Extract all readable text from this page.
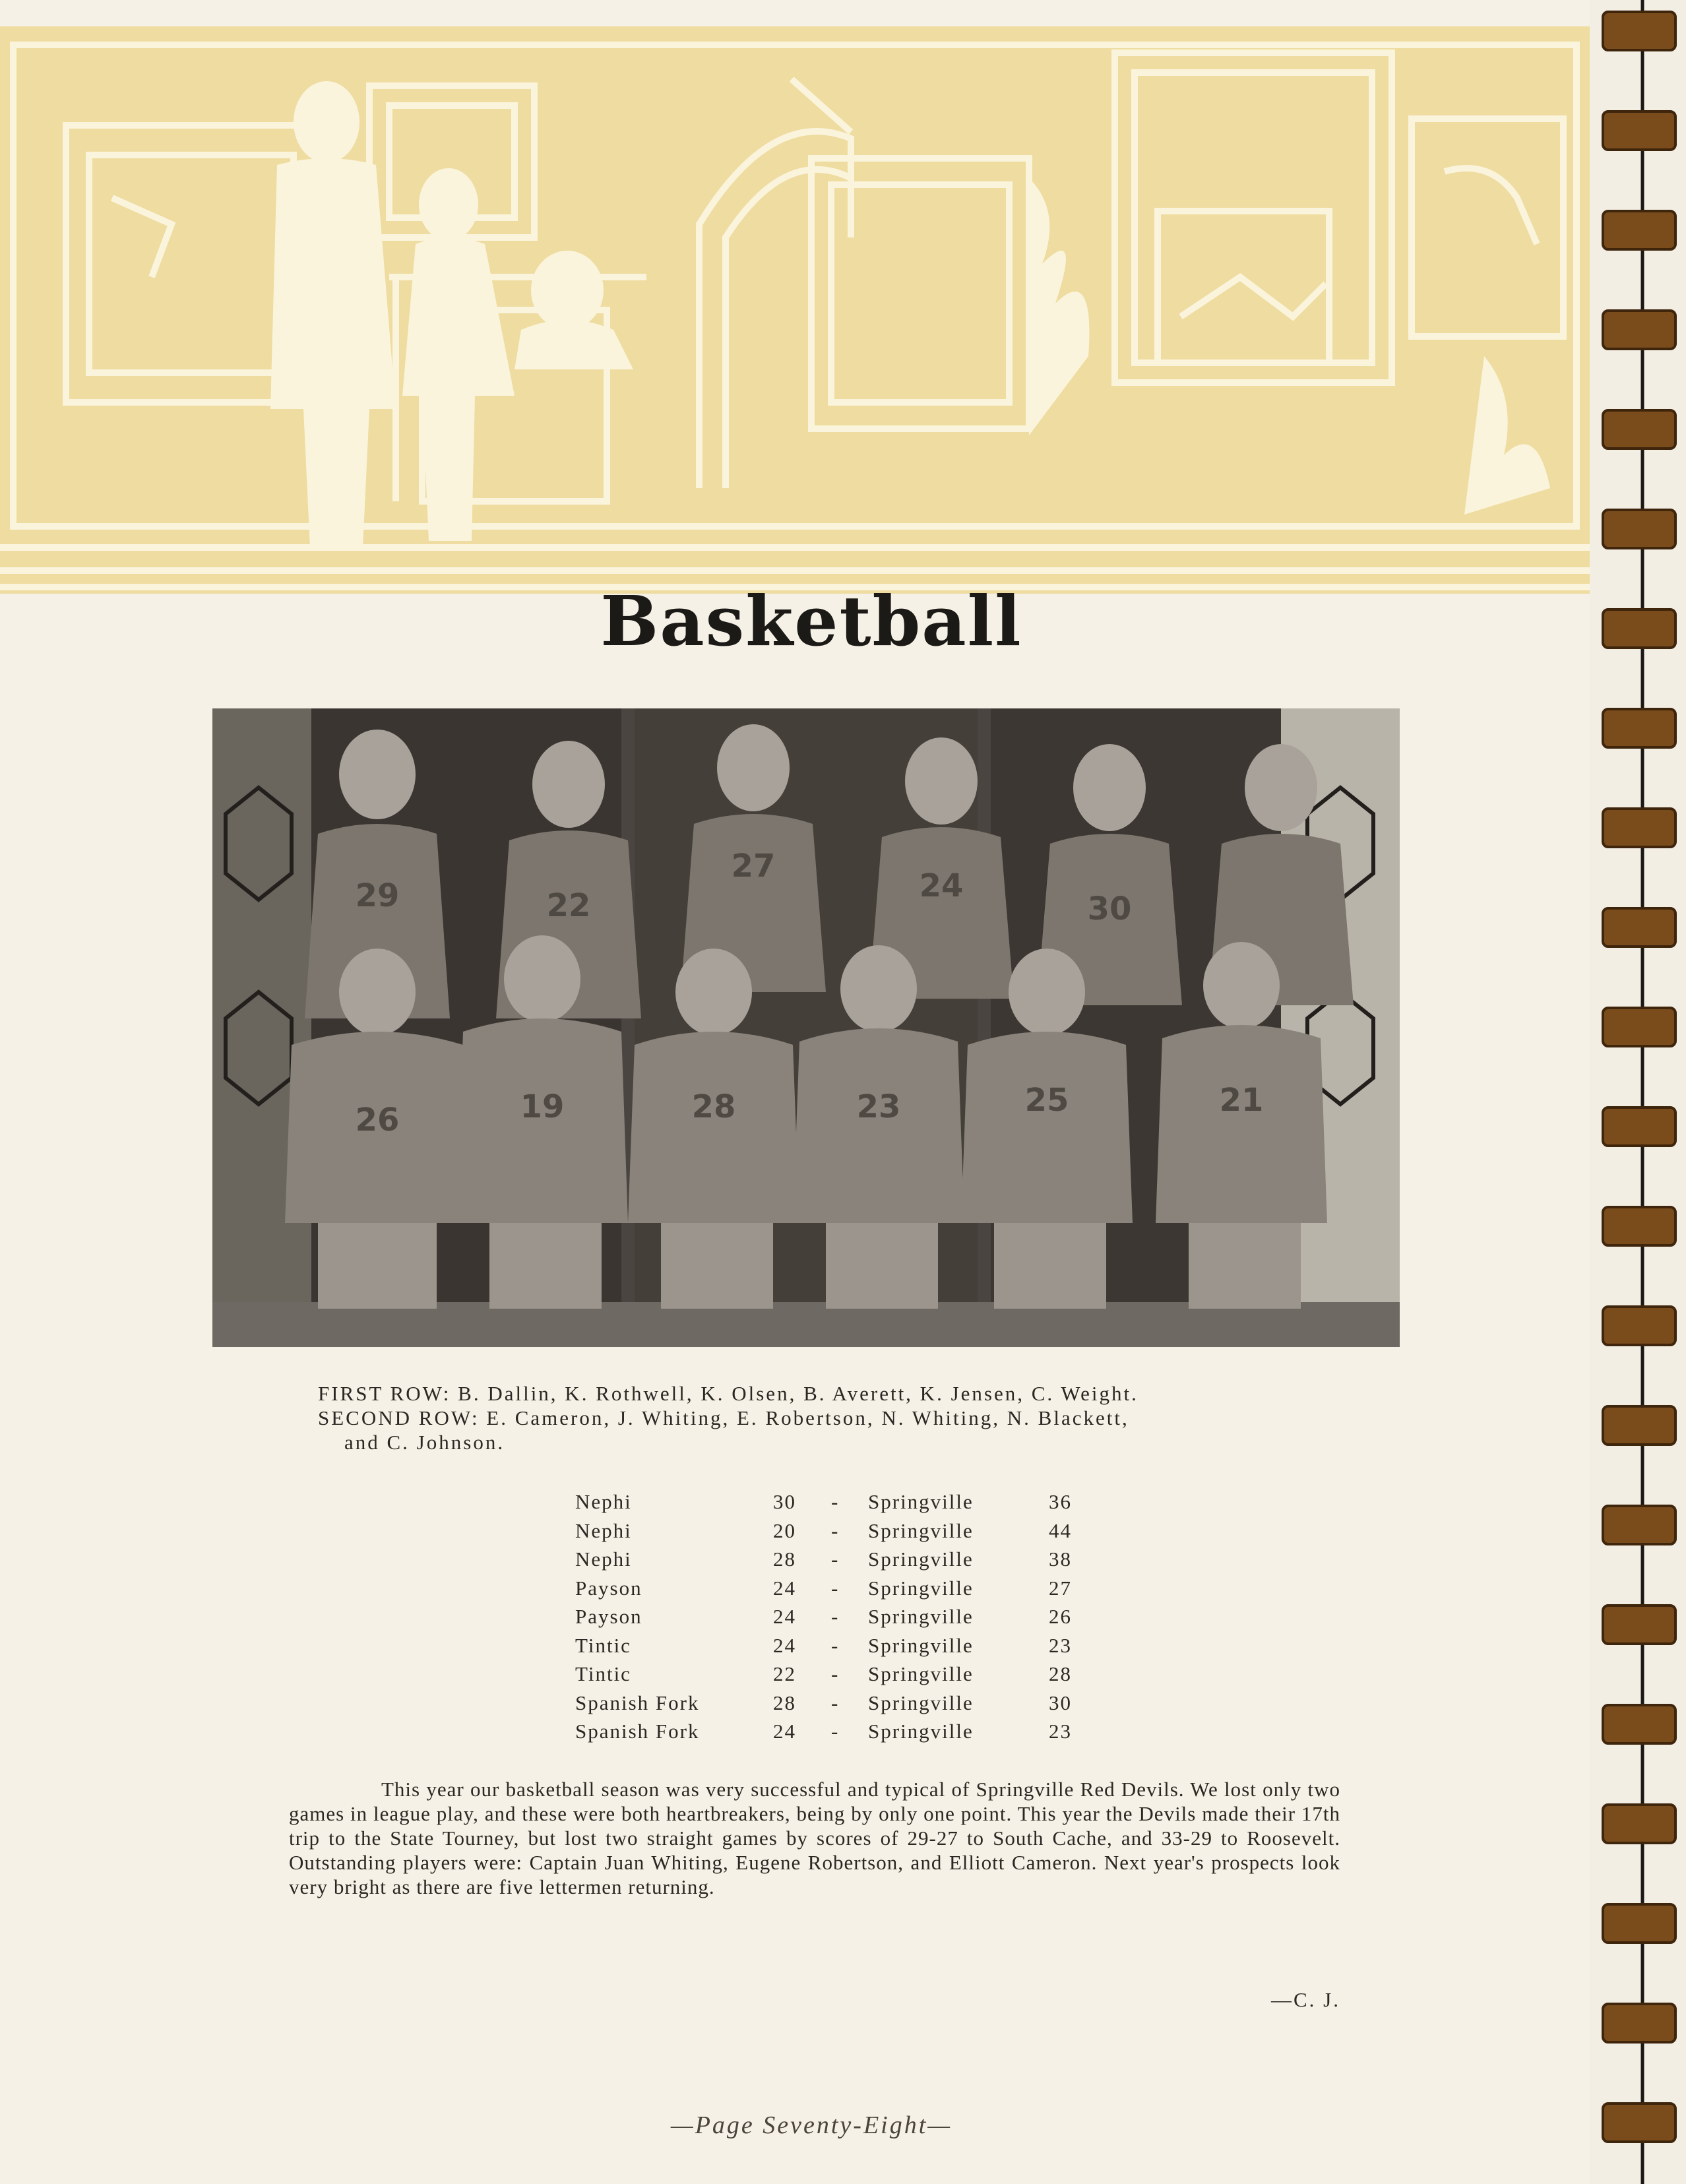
Basketball
29	22
27
24
30
26	19	28	23	25	21
FIRST ROW: B. Dallin, K. Rothwell, K. Olsen, B. Averett, K. Jensen, C. Weight.
SECOND ROW: E. Cameron, J. Whiting, E. Robertson, N. Whiting, N. Blackett,
and C. Johnson.
Nephi	30 - Springville	36
Nephi	20 - Springville	44
Nephi	28 - Springville	38
Payson	24 - Springville	27
Payson	24 - Springville	26
Tintic	24 - Springville	23
Tintic	22 - Springville	28
Spanish Fork	28 - Springville	30
Spanish Fork	24 - Springville	23
This year our basketball season was very successful and typical of Springville Red Devils. We lost only two games in league play, and these were both heartbreakers, being by only one point. This year the Devils made their 17th trip to the State Tourney, but lost two straight games by scores of 29-27 to South Cache, and 33-29 to Roosevelt. Outstanding players were: Captain Juan Whiting, Eugene Robertson, and Elliott Cameron. Next year's prospects look very bright as there are five lettermen returning.
—C. J.
—Page Seventy-Eight—
